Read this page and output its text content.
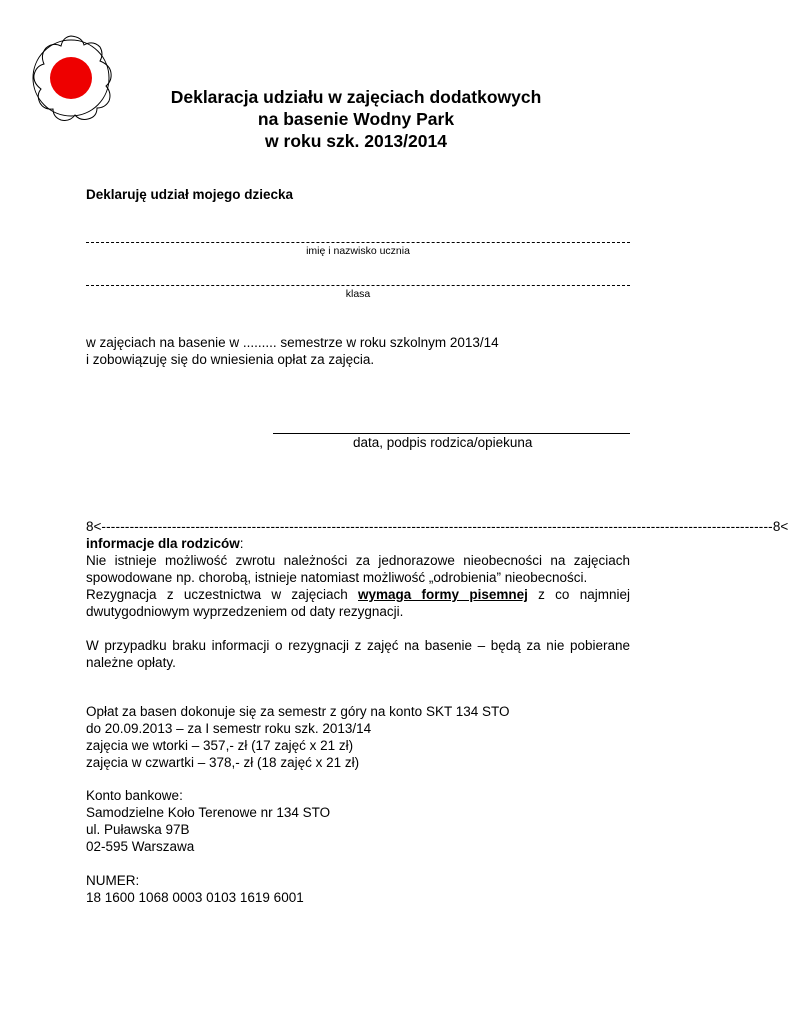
Deklaracja udziału w zajęciach dodatkowych
na basenie Wodny Park
w roku szk. 2013/2014
Deklaruję udział mojego dziecka
imię i nazwisko ucznia
klasa
w zajęciach na basenie w ......... semestrze w roku szkolnym 2013/14
i zobowiązuję się do wniesienia opłat za zajęcia.
data, podpis rodzica/opiekuna
8< ----------------------------------------------------------------------------------------------------------------------------------------------- 8<
informacje dla rodziców:
Nie istnieje możliwość zwrotu należności za jednorazowe nieobecności na zajęciach spowodowane np. chorobą, istnieje natomiast możliwość „odrobienia” nieobecności.
Rezygnacja z uczestnictwa w zajęciach wymaga formy pisemnej z co najmniej dwutygodniowym wyprzedzeniem od daty rezygnacji.
W przypadku braku informacji o rezygnacji z zajęć na basenie – będą za nie pobierane należne opłaty.
Opłat za basen dokonuje się za semestr z góry na konto SKT 134 STO
do 20.09.2013 – za I semestr roku szk. 2013/14
zajęcia we wtorki – 357,- zł (17 zajęć x 21 zł)
zajęcia w czwartki – 378,- zł (18 zajęć x 21 zł)
Konto bankowe:
Samodzielne Koło Terenowe nr 134 STO
ul. Puławska 97B
02-595 Warszawa
NUMER:
18 1600 1068 0003 0103 1619 6001
